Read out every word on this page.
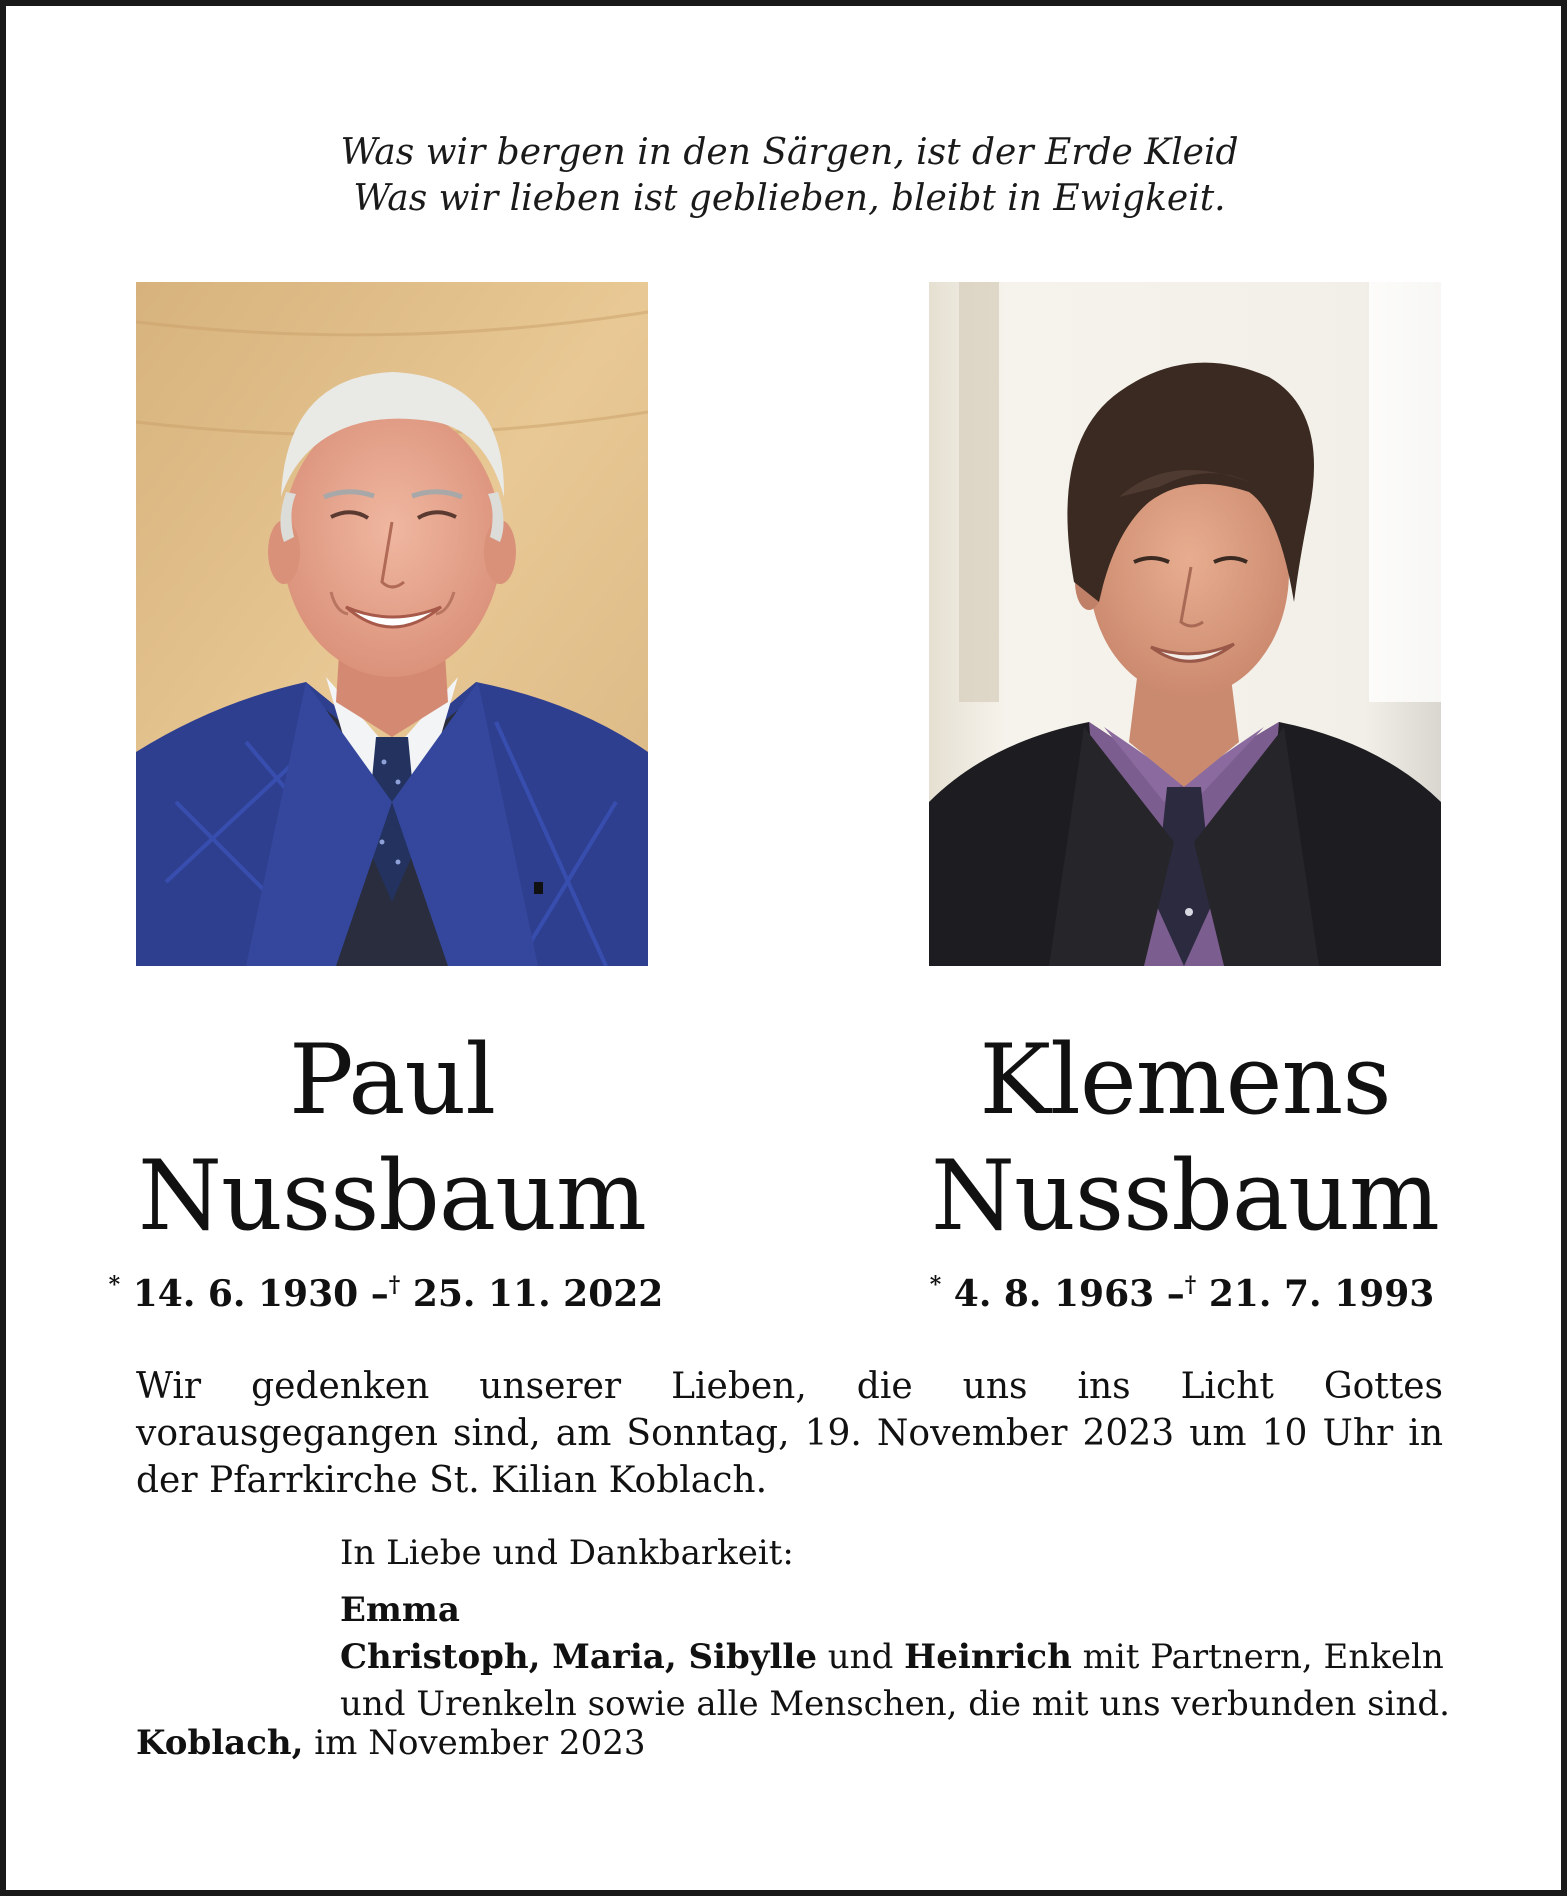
Was wir bergen in den Särgen, ist der Erde Kleid
Was wir lieben ist geblieben, bleibt in Ewigkeit.
Paul
Nussbaum
Klemens
Nussbaum
* 14. 6. 1930 –† 25. 11. 2022	* 4. 8. 1963 –† 21. 7. 1993
Wir gedenken unserer Lieben, die uns ins Licht Gottes vorausgegangen sind, am Sonntag, 19. November 2023 um 10 Uhr in der Pfarrkirche St. Kilian Koblach.
In Liebe und Dankbarkeit:
Emma
Christoph, Maria, Sibylle und Heinrich mit Partnern, Enkeln
und Urenkeln sowie alle Menschen, die mit uns verbunden sind.
Koblach, im November 2023
